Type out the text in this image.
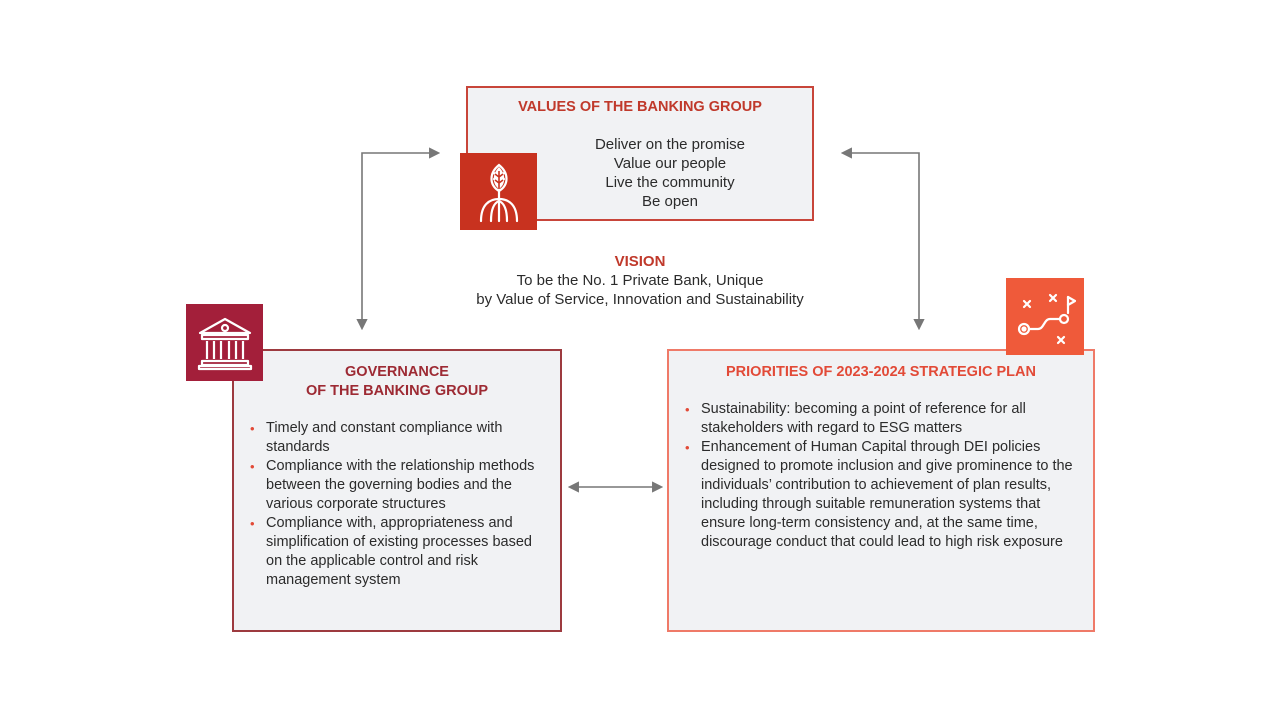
VALUES OF THE BANKING GROUP
Deliver on the promise
Value our people
Live the community
Be open
VISION
To be the No. 1 Private Bank, Unique
by Value of Service, Innovation and Sustainability
GOVERNANCE
OF THE BANKING GROUP
• Timely and constant compliance with standards
• Compliance with the relationship methods between the governing bodies and the various corporate structures
• Compliance with, appropriateness and simplification of existing processes based on the applicable control and risk management system
PRIORITIES OF 2023-2024 STRATEGIC PLAN
• Sustainability: becoming a point of reference for all stakeholders with regard to ESG matters
• Enhancement of Human Capital through DEI policies designed to promote inclusion and give prominence to the individuals’ contribution to achievement of plan results, including through suitable remuneration systems that ensure long-term consistency and, at the same time, discourage conduct that could lead to high risk exposure
